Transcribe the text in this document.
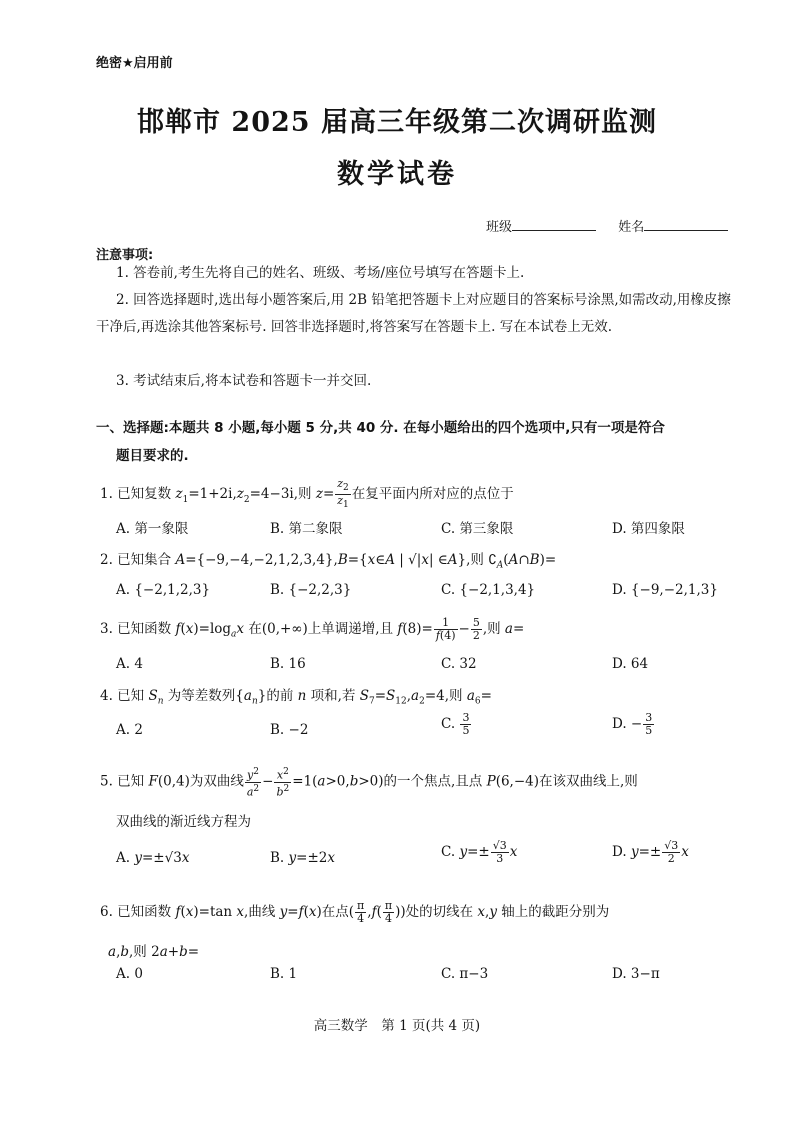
绝密★启用前
邯郸市 2025 届高三年级第二次调研监测
数学试卷
班级	姓名
注意事项:
1. 答卷前,考生先将自己的姓名、班级、考场/座位号填写在答题卡上.
2. 回答选择题时,选出每小题答案后,用 2B 铅笔把答题卡上对应题目的答案标号涂黑,如需改动,用橡皮擦干净后,再选涂其他答案标号. 回答非选择题时,将答案写在答题卡上. 写在本试卷上无效.
3. 考试结束后,将本试卷和答题卡一并交回.
一、选择题:本题共 8 小题,每小题 5 分,共 40 分. 在每小题给出的四个选项中,只有一项是符合
题目要求的.
1. 已知复数 $z_1=1+2i,z_2=4-3i$,则 $z= \frac{z_2}{z_1}$ 在复平面内所对应的点位于
A. 第一象限	B. 第二象限	C. 第三象限	D. 第四象限
2. 已知集合 A={−9,−4,−2,1,2,3,4},B={x∈A | √|x| ∈A},则 $∁_A(A\cap B)=$
A. {−2,1,2,3}	B. {−2,2,3}	C. {−2,1,3,4}	D. {−9,−2,1,3}
3. 已知函数 $f(x)=\log_ax$ 在(0,+∞)上单调递增,且 $f(8)= \frac{1}{f(4)} - \frac{5}{2}$ ,则 a=
A. 4	B. 16	C. 32	D. 64
4. 已知 $S_n$ 为等差数列$\{a_n\}$的前 n 项和,若 $S_7=S_{12},a_2=4$,则 $a_6=$
A. 2	B. −2	C. $\frac{3}{5}$	D. − $\frac{3}{5}$
5. 已知 F(0,4)为双曲线 $\frac{y^2}{a^2} - \frac{x^2}{b^2} =1(a>0,b>0)$的一个焦点,且点 P(6,−4)在该双曲线上,则
双曲线的渐近线方程为
A. y=±√3x	B. y=±2x	C. $y=\pm \frac{√3}{3}$ x	D. $y=\pm \frac{√3}{2}$ x
6. 已知函数 f(x)=tan x,曲线 y=f(x)在点( $\frac{\pi}{4} ,f( \frac{\pi}{4}$ ))处的切线在 x,y 轴上的截距分别为
a,b,则 2a+b=
A. 0	B. 1	C. π−3	D. 3−π
高三数学　第 1 页(共 4 页)
